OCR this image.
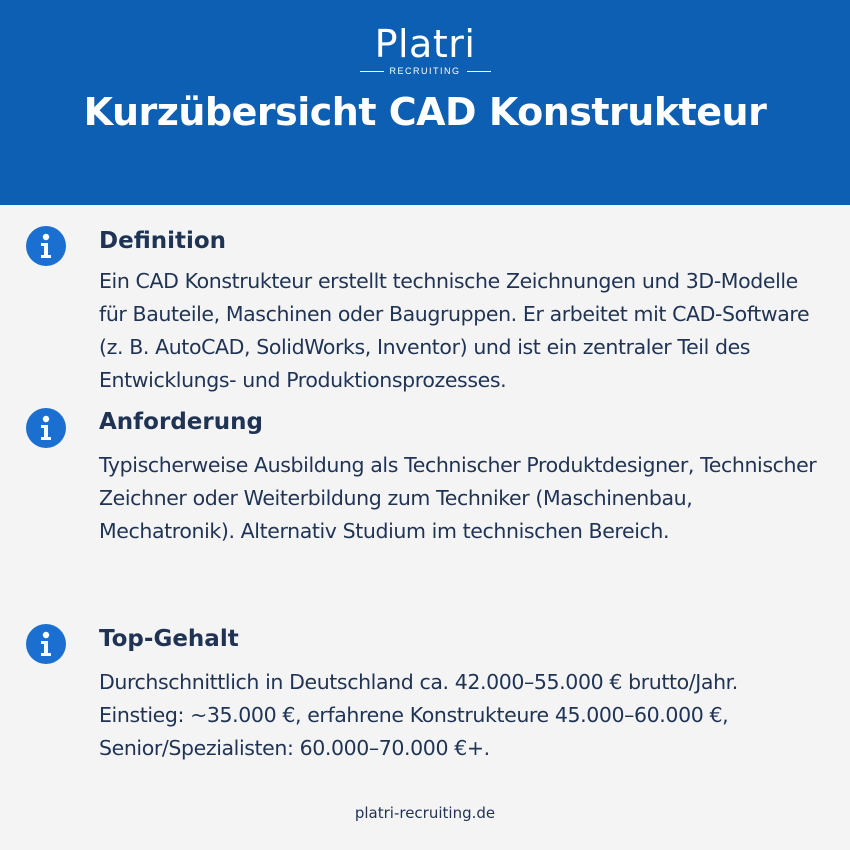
Platri
RECRUITING
Kurzübersicht CAD Konstrukteur
Definition
Ein CAD Konstrukteur erstellt technische Zeichnungen und 3D-Modelle für Bauteile, Maschinen oder Baugruppen. Er arbeitet mit CAD-Software (z. B. AutoCAD, SolidWorks, Inventor) und ist ein zentraler Teil des Entwicklungs- und Produktionsprozesses.
Anforderung
Typischerweise Ausbildung als Technischer Produktdesigner, Technischer Zeichner oder Weiterbildung zum Techniker (Maschinenbau, Mechatronik). Alternativ Studium im technischen Bereich.
Top-Gehalt
Durchschnittlich in Deutschland ca. 42.000–55.000 € brutto/Jahr. Einstieg: ~35.000 €, erfahrene Konstrukteure 45.000–60.000 €, Senior/Spezialisten: 60.000–70.000 €+.
platri-recruiting.de
